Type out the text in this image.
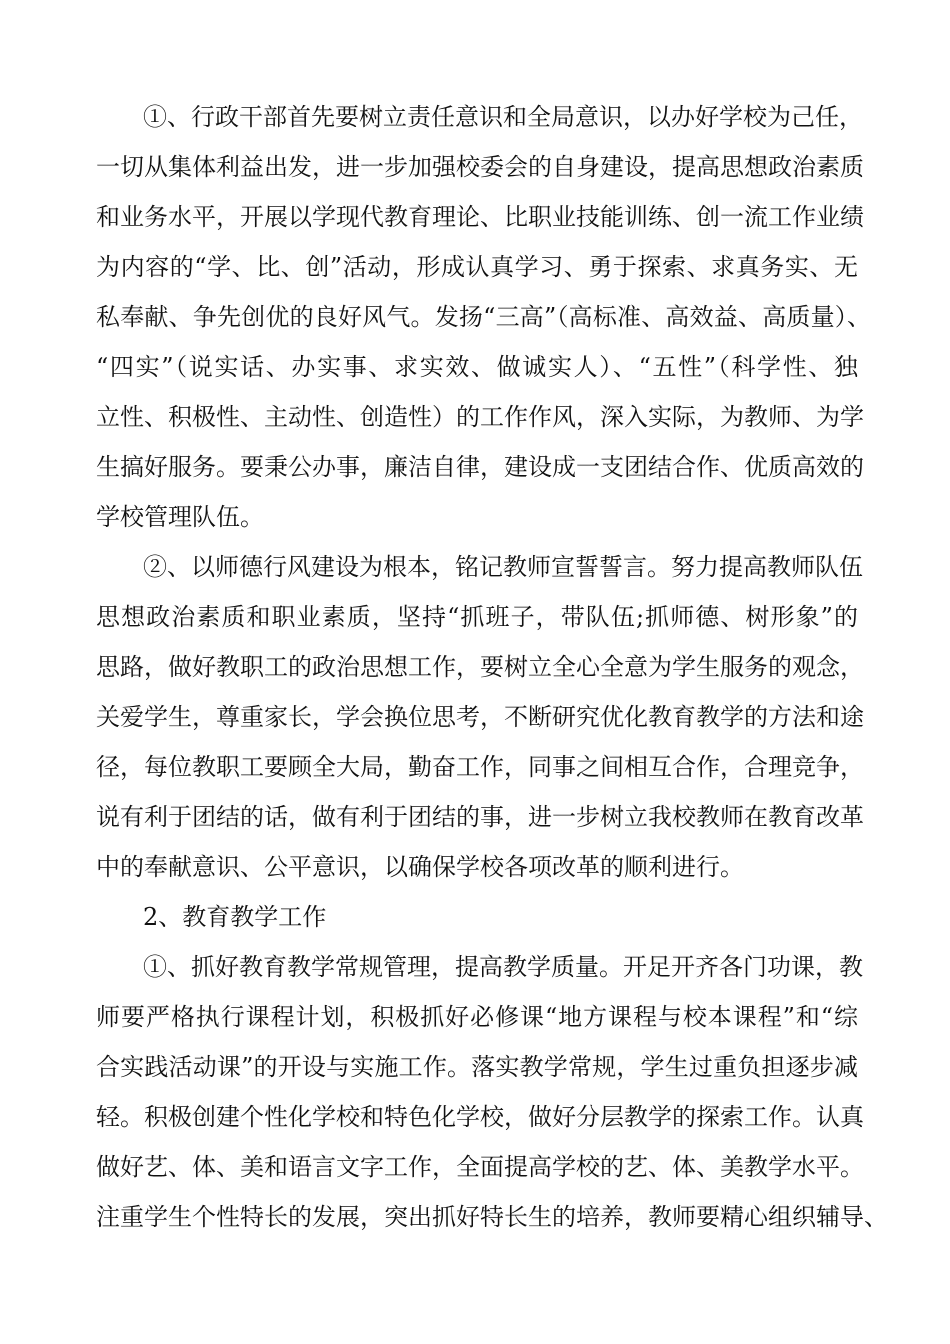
①、行政干部首先要树立责任意识和全局意识，以办好学校为己任，
一切从集体利益出发，进一步加强校委会的自身建设，提高思想政治素质
和业务水平，开展以学现代教育理论、比职业技能训练、创一流工作业绩
为内容的“学、比、创”活动，形成认真学习、勇于探索、求真务实、无
私奉献、争先创优的良好风气。发扬“三高”（高标准、高效益、高质量）、
“四实”（说实话、办实事、求实效、做诚实人）、“五性”（科学性、独
立性、积极性、主动性、创造性）的工作作风，深入实际，为教师、为学
生搞好服务。要秉公办事，廉洁自律，建设成一支团结合作、优质高效的
学校管理队伍。
②、以师德行风建设为根本，铭记教师宣誓誓言。努力提高教师队伍
思想政治素质和职业素质，坚持“抓班子，带队伍;抓师德、树形象”的
思路，做好教职工的政治思想工作，要树立全心全意为学生服务的观念，
关爱学生，尊重家长，学会换位思考，不断研究优化教育教学的方法和途
径，每位教职工要顾全大局，勤奋工作，同事之间相互合作，合理竞争，
说有利于团结的话，做有利于团结的事，进一步树立我校教师在教育改革
中的奉献意识、公平意识，以确保学校各项改革的顺利进行。
2、教育教学工作
①、抓好教育教学常规管理，提高教学质量。开足开齐各门功课，教
师要严格执行课程计划，积极抓好必修课“地方课程与校本课程”和“综
合实践活动课”的开设与实施工作。落实教学常规，学生过重负担逐步减
轻。积极创建个性化学校和特色化学校，做好分层教学的探索工作。认真
做好艺、体、美和语言文字工作，全面提高学校的艺、体、美教学水平。
注重学生个性特长的发展，突出抓好特长生的培养，教师要精心组织辅导、
